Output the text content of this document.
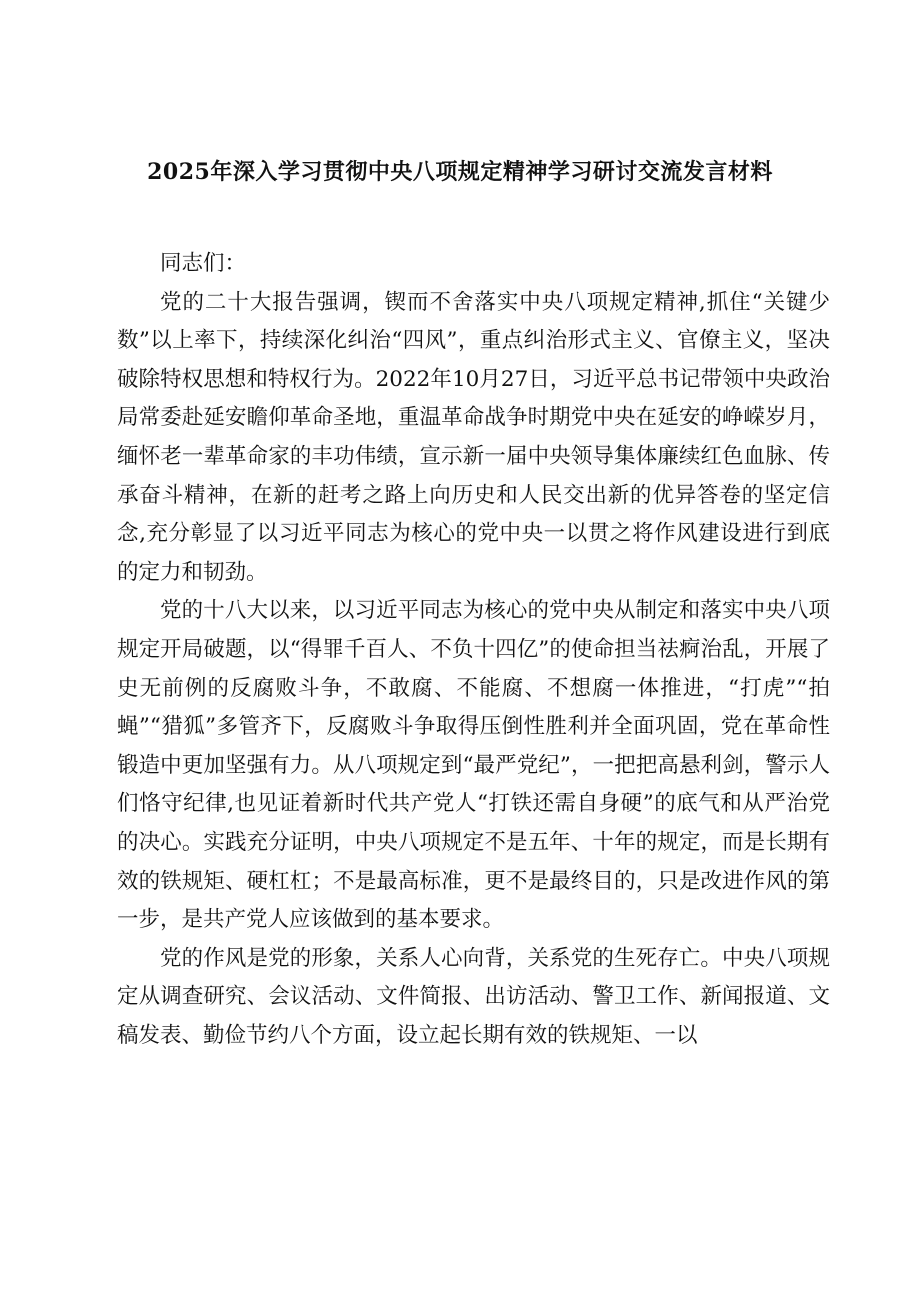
2025年深入学习贯彻中央八项规定精神学习研讨交流发言材料

同志们：

党的二十大报告强调，锲而不舍落实中央八项规定精神,抓住“关键少数”以上率下，持续深化纠治“四风”，重点纠治形式主义、官僚主义，坚决破除特权思想和特权行为。2022年10月27日，习近平总书记带领中央政治局常委赴延安瞻仰革命圣地，重温革命战争时期党中央在延安的峥嵘岁月，缅怀老一辈革命家的丰功伟绩，宣示新一届中央领导集体廉续红色血脉、传承奋斗精神，在新的赶考之路上向历史和人民交出新的优异答卷的坚定信念,充分彰显了以习近平同志为核心的党中央一以贯之将作风建设进行到底的定力和韧劲。

党的十八大以来，以习近平同志为核心的党中央从制定和落实中央八项规定开局破题，以“得罪千百人、不负十四亿”的使命担当祛痾治乱，开展了史无前例的反腐败斗争，不敢腐、不能腐、不想腐一体推进，“打虎”“拍蝇”“猎狐”多管齐下，反腐败斗争取得压倒性胜利并全面巩固，党在革命性锻造中更加坚强有力。从八项规定到“最严党纪”，一把把高悬利剑，警示人们恪守纪律,也见证着新时代共产党人“打铁还需自身硬”的底气和从严治党的决心。实践充分证明，中央八项规定不是五年、十年的规定，而是长期有效的铁规矩、硬杠杠；不是最高标准，更不是最终目的，只是改进作风的第一步，是共产党人应该做到的基本要求。

党的作风是党的形象，关系人心向背，关系党的生死存亡。中央八项规定从调查研究、会议活动、文件简报、出访活动、警卫工作、新闻报道、文稿发表、勤俭节约八个方面，设立起长期有效的铁规矩、一以
